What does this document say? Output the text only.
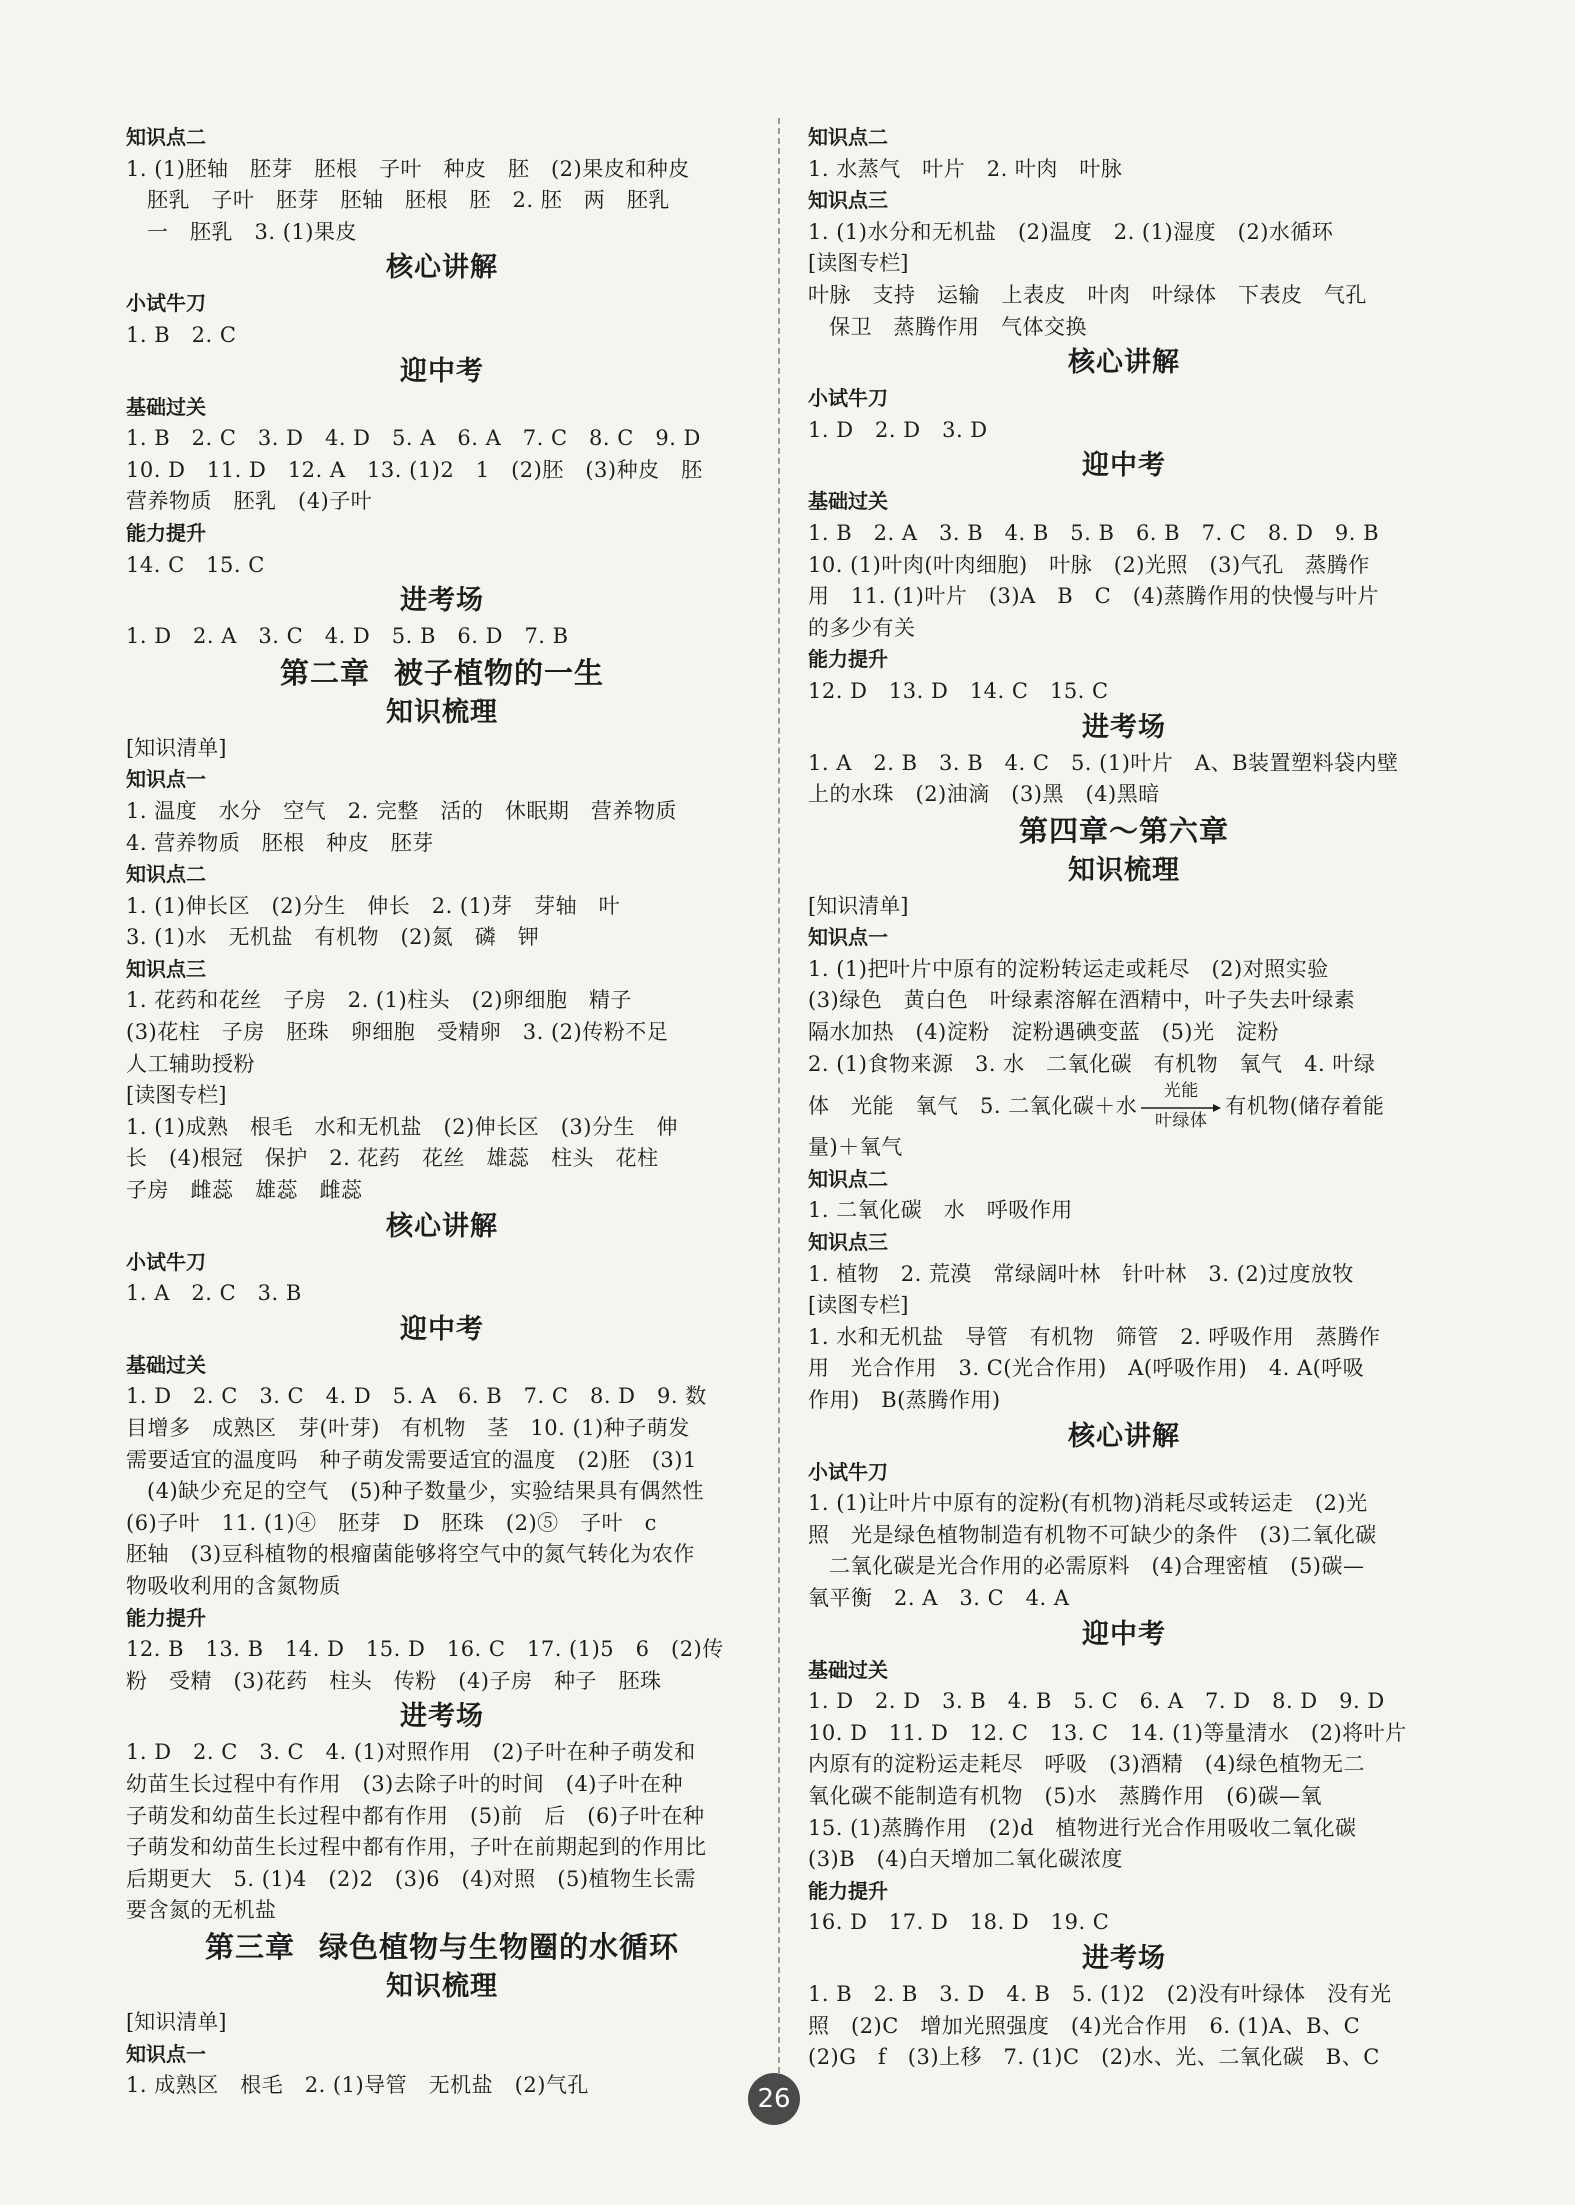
知识点二
1. (1)胚轴　胚芽　胚根　子叶　种皮　胚　(2)果皮和种皮
胚乳　子叶　胚芽　胚轴　胚根　胚　2. 胚　两　胚乳
一　胚乳　3. (1)果皮
核心讲解
小试牛刀
1. B　2. C
迎中考
基础过关
1. B　2. C　3. D　4. D　5. A　6. A　7. C　8. C　9. D
10. D　11. D　12. A　13. (1)2　1　(2)胚　(3)种皮　胚
营养物质　胚乳　(4)子叶
能力提升
14. C　15. C
进考场
1. D　2. A　3. C　4. D　5. B　6. D　7. B
第二章 被子植物的一生
知识梳理
[知识清单]
知识点一
1. 温度　水分　空气　2. 完整　活的　休眠期　营养物质
4. 营养物质　胚根　种皮　胚芽
知识点二
1. (1)伸长区　(2)分生　伸长　2. (1)芽　芽轴　叶
3. (1)水　无机盐　有机物　(2)氮　磷　钾
知识点三
1. 花药和花丝　子房　2. (1)柱头　(2)卵细胞　精子
(3)花柱　子房　胚珠　卵细胞　受精卵　3. (2)传粉不足
人工辅助授粉
[读图专栏]
1. (1)成熟　根毛　水和无机盐　(2)伸长区　(3)分生　伸
长　(4)根冠　保护　2. 花药　花丝　雄蕊　柱头　花柱
子房　雌蕊　雄蕊　雌蕊
核心讲解
小试牛刀
1. A　2. C　3. B
迎中考
基础过关
1. D　2. C　3. C　4. D　5. A　6. B　7. C　8. D　9. 数
目增多　成熟区　芽(叶芽)　有机物　茎　10. (1)种子萌发
需要适宜的温度吗　种子萌发需要适宜的温度　(2)胚　(3)1
(4)缺少充足的空气　(5)种子数量少，实验结果具有偶然性
(6)子叶　11. (1)④　胚芽　D　胚珠　(2)⑤　子叶　c
胚轴　(3)豆科植物的根瘤菌能够将空气中的氮气转化为农作
物吸收利用的含氮物质
能力提升
12. B　13. B　14. D　15. D　16. C　17. (1)5　6　(2)传
粉　受精　(3)花药　柱头　传粉　(4)子房　种子　胚珠
进考场
1. D　2. C　3. C　4. (1)对照作用　(2)子叶在种子萌发和
幼苗生长过程中有作用　(3)去除子叶的时间　(4)子叶在种
子萌发和幼苗生长过程中都有作用　(5)前　后　(6)子叶在种
子萌发和幼苗生长过程中都有作用，子叶在前期起到的作用比
后期更大　5. (1)4　(2)2　(3)6　(4)对照　(5)植物生长需
要含氮的无机盐
第三章 绿色植物与生物圈的水循环
知识梳理
[知识清单]
知识点一
1. 成熟区　根毛　2. (1)导管　无机盐　(2)气孔
知识点二
1. 水蒸气　叶片　2. 叶肉　叶脉
知识点三
1. (1)水分和无机盐　(2)温度　2. (1)湿度　(2)水循环
[读图专栏]
叶脉　支持　运输　上表皮　叶肉　叶绿体　下表皮　气孔
保卫　蒸腾作用　气体交换
核心讲解
小试牛刀
1. D　2. D　3. D
迎中考
基础过关
1. B　2. A　3. B　4. B　5. B　6. B　7. C　8. D　9. B
10. (1)叶肉(叶肉细胞)　叶脉　(2)光照　(3)气孔　蒸腾作
用　11. (1)叶片　(3)A　B　C　(4)蒸腾作用的快慢与叶片
的多少有关
能力提升
12. D　13. D　14. C　15. C
进考场
1. A　2. B　3. B　4. C　5. (1)叶片　A、B装置塑料袋内壁
上的水珠　(2)油滴　(3)黑　(4)黑暗
第四章～第六章
知识梳理
[知识清单]
知识点一
1. (1)把叶片中原有的淀粉转运走或耗尽　(2)对照实验
(3)绿色　黄白色　叶绿素溶解在酒精中，叶子失去叶绿素
隔水加热　(4)淀粉　淀粉遇碘变蓝　(5)光　淀粉
2. (1)食物来源　3. 水　二氧化碳　有机物　氧气　4. 叶绿
体　光能　氧气　5. 二氧化碳＋水
光能
叶绿体
有机物(储存着能
量)＋氧气
知识点二
1. 二氧化碳　水　呼吸作用
知识点三
1. 植物　2. 荒漠　常绿阔叶林　针叶林　3. (2)过度放牧
[读图专栏]
1. 水和无机盐　导管　有机物　筛管　2. 呼吸作用　蒸腾作
用　光合作用　3. C(光合作用)　A(呼吸作用)　4. A(呼吸
作用)　B(蒸腾作用)
核心讲解
小试牛刀
1. (1)让叶片中原有的淀粉(有机物)消耗尽或转运走　(2)光
照　光是绿色植物制造有机物不可缺少的条件　(3)二氧化碳
二氧化碳是光合作用的必需原料　(4)合理密植　(5)碳—
氧平衡　2. A　3. C　4. A
迎中考
基础过关
1. D　2. D　3. B　4. B　5. C　6. A　7. D　8. D　9. D
10. D　11. D　12. C　13. C　14. (1)等量清水　(2)将叶片
内原有的淀粉运走耗尽　呼吸　(3)酒精　(4)绿色植物无二
氧化碳不能制造有机物　(5)水　蒸腾作用　(6)碳—氧
15. (1)蒸腾作用　(2)d　植物进行光合作用吸收二氧化碳
(3)B　(4)白天增加二氧化碳浓度
能力提升
16. D　17. D　18. D　19. C
进考场
1. B　2. B　3. D　4. B　5. (1)2　(2)没有叶绿体　没有光
照　(2)C　增加光照强度　(4)光合作用　6. (1)A、B、C
(2)G　f　(3)上移　7. (1)C　(2)水、光、二氧化碳　B、C
26
